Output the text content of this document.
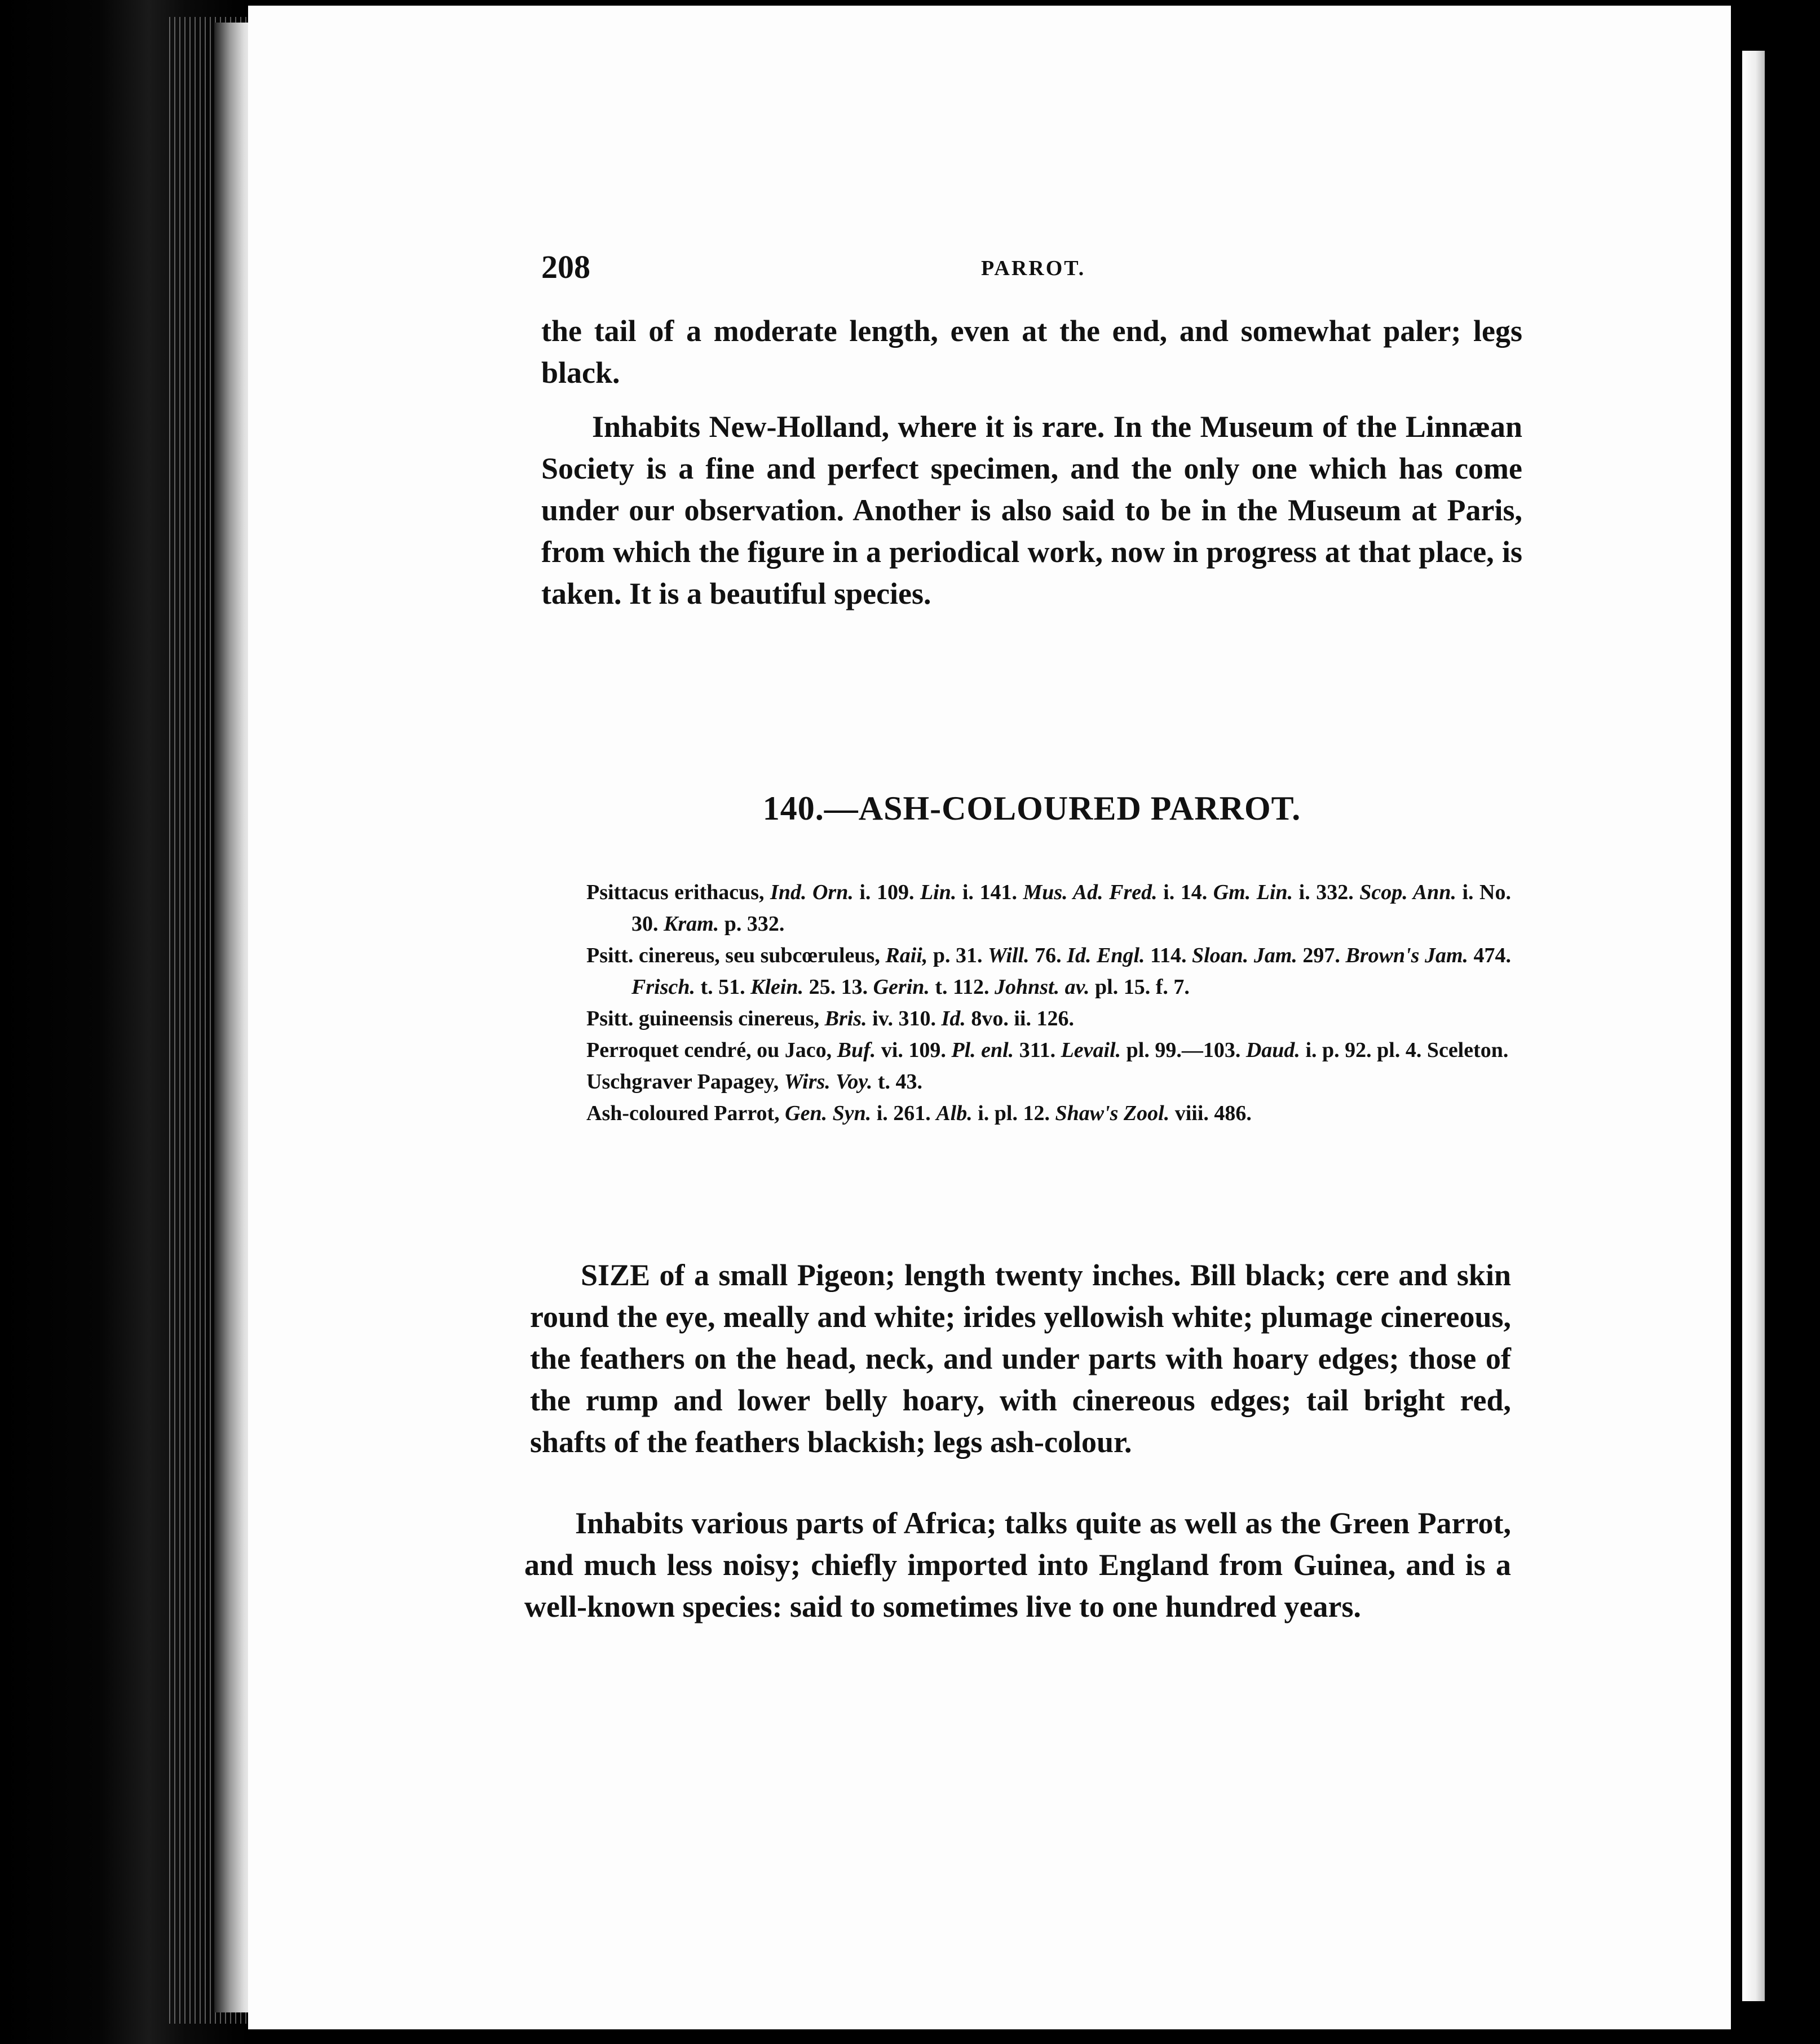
208	PARROT.

the tail of a moderate length, even at the end, and somewhat paler; legs black.

Inhabits New-Holland, where it is rare. In the Museum of the Linnæan Society is a fine and perfect specimen, and the only one which has come under our observation. Another is also said to be in the Museum at Paris, from which the figure in a periodical work, now in progress at that place, is taken. It is a beautiful species.

140.—ASH-COLOURED PARROT.
Psittacus erithacus, Ind. Orn. i. 109. Lin. i. 141. Mus. Ad. Fred. i. 14. Gm. Lin. i. 332. Scop. Ann. i. No. 30. Kram. p. 332.
Psitt. cinereus, seu subcœruleus, Raii, p. 31. Will. 76. Id. Engl. 114. Sloan. Jam. 297. Brown's Jam. 474. Frisch. t. 51. Klein. 25. 13. Gerin. t. 112. Johnst. av. pl. 15. f. 7.
Psitt. guineensis cinereus, Bris. iv. 310. Id. 8vo. ii. 126.
Perroquet cendré, ou Jaco, Buf. vi. 109. Pl. enl. 311. Levail. pl. 99.—103. Daud. i. p. 92. pl. 4. Sceleton.
Uschgraver Papagey, Wirs. Voy. t. 43.
Ash-coloured Parrot, Gen. Syn. i. 261. Alb. i. pl. 12. Shaw's Zool. viii. 486.

SIZE of a small Pigeon; length twenty inches. Bill black; cere and skin round the eye, meally and white; irides yellowish white; plumage cinereous, the feathers on the head, neck, and under parts with hoary edges; those of the rump and lower belly hoary, with cinereous edges; tail bright red, shafts of the feathers blackish; legs ash-colour.

Inhabits various parts of Africa; talks quite as well as the Green Parrot, and much less noisy; chiefly imported into England from Guinea, and is a well-known species: said to sometimes live to one hundred years.
